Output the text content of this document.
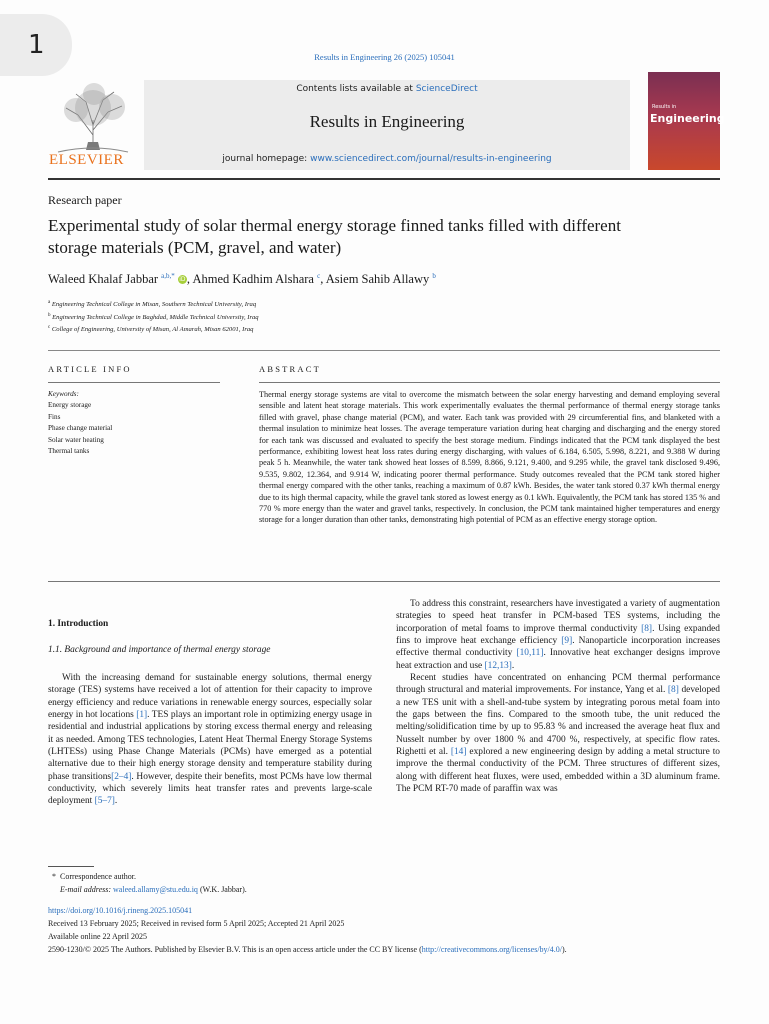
1	Results in Engineering 26 (2025) 105041
ELSEVIER
Contents lists available at ScienceDirect
Results in Engineering
journal homepage: www.sciencedirect.com/journal/results-in-engineering
Results in
Engineering
Research paper
Experimental study of solar thermal energy storage finned tanks filled with different storage materials (PCM, gravel, and water)
Waleed Khalaf Jabbar $^{a,b,*}$ iD, Ahmed Kadhim Alshara $^c$, Asiem Sahib Allawy $^b$
$^a$ Engineering Technical College in Misan, Southern Technical University, Iraq
$^b$ Engineering Technical College in Baghdad, Middle Technical University, Iraq
$^c$ College of Engineering, University of Misan, Al Amarah, Misan 62001, Iraq
ARTICLE INFO	ABSTRACT
Keywords:
Energy storage
Fins
Phase change material
Solar water heating
Thermal tanks
Thermal energy storage systems are vital to overcome the mismatch between the solar energy harvesting and demand employing several sensible and latent heat storage materials. This work experimentally evaluates the thermal performance of thermal energy storage tanks filled with gravel, phase change material (PCM), and water. Each tank was provided with 29 circumferential fins, and blanketed with a thermal insulation to minimize heat losses. The average temperature variation during heat charging and discharging and the energy stored for each tank was discussed and evaluated to specify the best storage medium. Findings indicated that the PCM tank displayed the best performance, exhibiting lowest heat loss rates during energy discharging, with values of 6.184, 6.505, 5.998, 8.221, and 9.388 W during peak 5 h. Meanwhile, the water tank showed heat losses of 8.599, 8.866, 9.121, 9.400, and 9.295 while, the gravel tank disclosed 9.496, 9.535, 9.802, 12.364, and 9.914 W, indicating poorer thermal performance. Study outcomes revealed that the PCM tank stored higher thermal energy compared with the other tanks, reaching a maximum of 0.87 kWh. Besides, the water tank stored 0.37 kWh thermal energy due to its high thermal capacity, while the gravel tank stored as lowest energy as 0.1 kWh. Equivalently, the PCM tank has stored 135 % and 770 % more energy than the water and gravel tanks, respectively. In conclusion, the PCM tank maintained higher temperatures and energy storage for a longer duration than other tanks, demonstrating high potential of PCM as an effective energy storage option.
1. Introduction
1.1. Background and importance of thermal energy storage
With the increasing demand for sustainable energy solutions, thermal energy storage (TES) systems have received a lot of attention for their capacity to improve energy efficiency and reduce variations in renewable energy sources, especially solar energy in hot locations [1]. TES plays an important role in optimizing energy usage in residential and industrial applications by storing excess thermal energy and releasing it as needed. Among TES technologies, Latent Heat Thermal Energy Storage Systems (LHTESs) using Phase Change Materials (PCMs) have emerged as a potential alternative due to their high energy storage density and temperature stability during phase transitions[2–4]. However, despite their benefits, most PCMs have low thermal conductivity, which severely limits heat transfer rates and prevents large-scale deployment [5–7].

To address this constraint, researchers have investigated a variety of augmentation strategies to speed heat transfer in PCM-based TES systems, including the incorporation of metal foams to improve thermal conductivity [8]. Using expanded fins to improve heat exchange efficiency [9]. Nanoparticle incorporation increases effective thermal conductivity [10,11]. Innovative heat exchanger designs improve heat extraction and use [12,13].

Recent studies have concentrated on enhancing PCM thermal performance through structural and material improvements. For instance, Yang et al. [8] developed a new TES unit with a shell-and-tube system by integrating porous metal foam into the gaps between the fins. Compared to the smooth tube, the unit reduced the melting/solidification time by up to 95.83 % and increased the average heat flux and Nusselt number by over 1800 % and 4700 %, respectively, at specific flow rates. Righetti et al. [14] explored a new engineering design by adding a metal structure to improve the thermal conductivity of the PCM. Three structures of different sizes, along with different heat fluxes, were used, embedded within a 3D aluminum frame. The PCM RT-70 made of paraffin wax was

* Correspondence author.
E-mail address: waleed.allamy@stu.edu.iq (W.K. Jabbar).
https://doi.org/10.1016/j.rineng.2025.105041
Received 13 February 2025; Received in revised form 5 April 2025; Accepted 21 April 2025
Available online 22 April 2025
2590-1230/© 2025 The Authors. Published by Elsevier B.V. This is an open access article under the CC BY license (http://creativecommons.org/licenses/by/4.0/).
